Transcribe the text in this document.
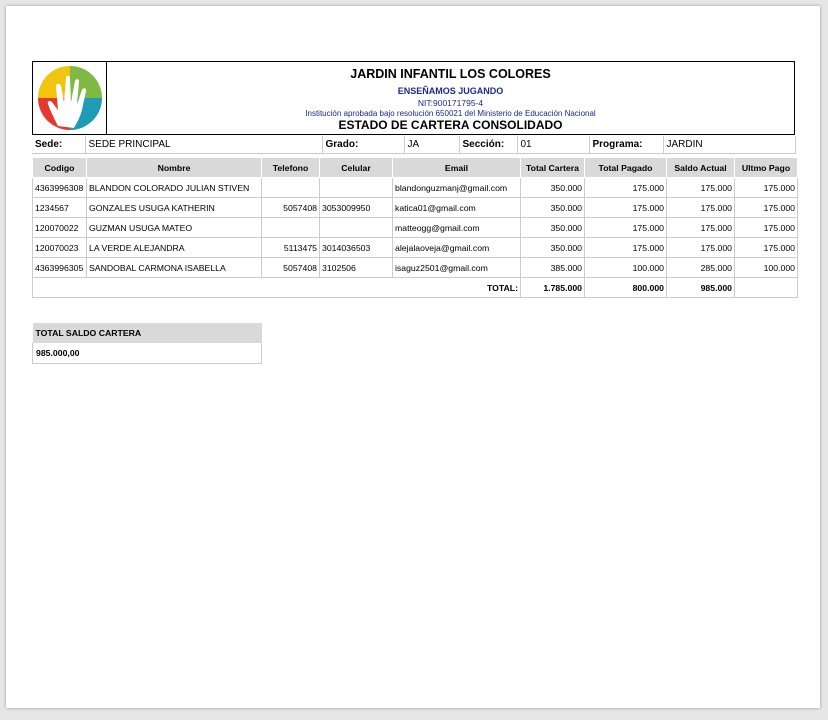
JARDIN INFANTIL LOS COLORES
ENSEÑAMOS JUGANDO
NIT:900171795-4
Institución aprobada bajo resolución 650021 del Ministerio de Educación Nacional
ESTADO DE CARTERA CONSOLIDADO
Sede:	SEDE PRINCIPAL	Grado:	JA	Sección:	01	Programa:	JARDIN
Codigo	Nombre	Telefono	Celular	Email	Total Cartera	Total Pagado	Saldo Actual	Ultmo Pago
4363996308	BLANDON COLORADO JULIAN STIVEN			blandonguzmanj@gmail.com	350.000	175.000	175.000	175.000
1234567	GONZALES USUGA KATHERIN	5057408	3053009950	katica01@gmail.com	350.000	175.000	175.000	175.000
120070022	GUZMAN USUGA MATEO			matteogg@gmail.com	350.000	175.000	175.000	175.000
120070023	LA VERDE ALEJANDRA	5113475	3014036503	alejalaoveja@gmail.com	350.000	175.000	175.000	175.000
4363996305	SANDOBAL CARMONA ISABELLA	5057408	3102506	isaguz2501@gmail.com	385.000	100.000	285.000	100.000
TOTAL:					1.785.000	800.000	985.000	
TOTAL SALDO CARTERA
985.000,00
